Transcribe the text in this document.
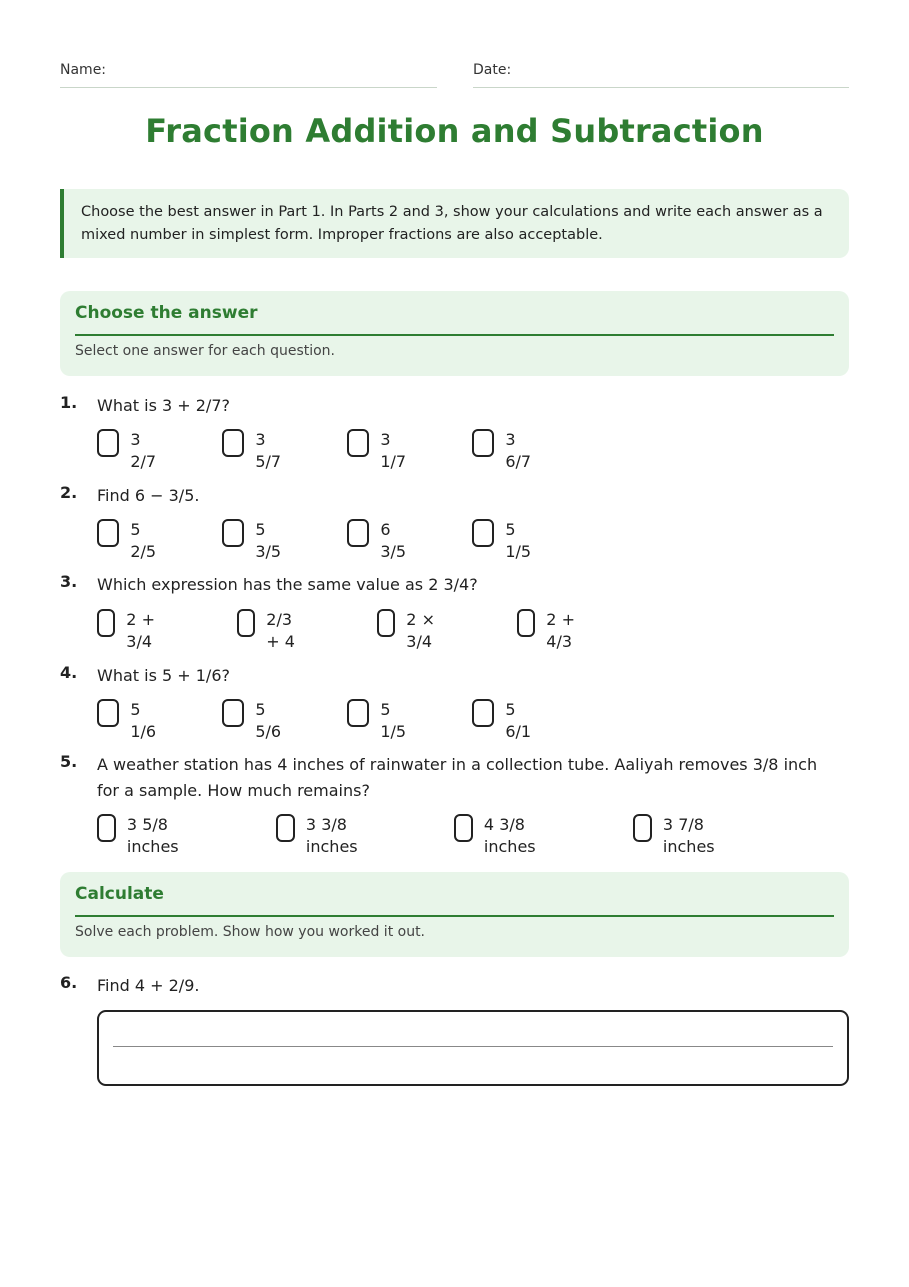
Name:	Date:
Fraction Addition and Subtraction
Choose the best answer in Part 1. In Parts 2 and 3, show your calculations and write each answer as a mixed number in simplest form. Improper fractions are also acceptable.
Choose the answer
Select one answer for each question.
1. What is 3 + 2/7?
3 2/7
3 5/7
3 1/7
3 6/7
2. Find 6 − 3/5.
5 2/5
5 3/5
6 3/5
5 1/5
3. Which expression has the same value as 2 3/4?
2 + 3/4
2/3 + 4
2 × 3/4
2 + 4/3
4. What is 5 + 1/6?
5 1/6
5 5/6
5 1/5
5 6/1
5. A weather station has 4 inches of rainwater in a collection tube. Aaliyah removes 3/8 inch for a sample. How much remains?
3 5/8 inches
3 3/8 inches
4 3/8 inches
3 7/8 inches
Calculate
Solve each problem. Show how you worked it out.
6. Find 4 + 2/9.
